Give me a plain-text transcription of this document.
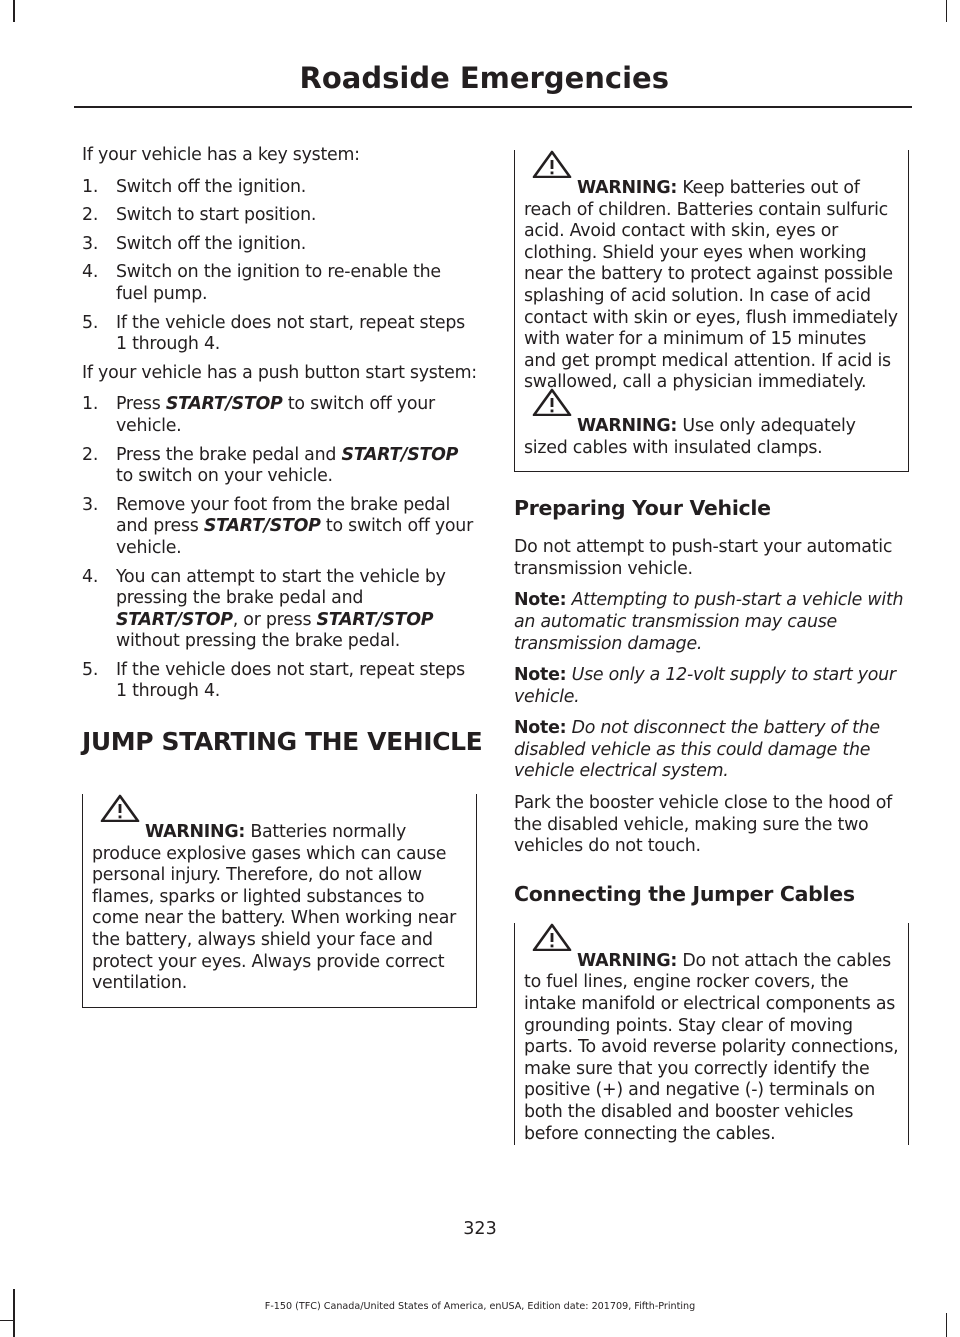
Roadside Emergencies

If your vehicle has a key system:

1.	Switch off the ignition.
2.	Switch to start position.
3.	Switch off the ignition.
4.	Switch on the ignition to re-enable the fuel pump.
5.	If the vehicle does not start, repeat steps 1 through 4.

If your vehicle has a push button start system:

1.	Press START/STOP to switch off your vehicle.
2.	Press the brake pedal and START/STOP to switch on your vehicle.
3.	Remove your foot from the brake pedal and press START/STOP to switch off your vehicle.
4.	You can attempt to start the vehicle by pressing the brake pedal and START/STOP, or press START/STOP without pressing the brake pedal.
5.	If the vehicle does not start, repeat steps 1 through 4.
JUMP STARTING THE VEHICLE

WARNING: Batteries normally produce explosive gases which can cause personal injury. Therefore, do not allow flames, sparks or lighted substances to come near the battery. When working near the battery, always shield your face and protect your eyes. Always provide correct ventilation.

WARNING: Keep batteries out of reach of children. Batteries contain sulfuric acid. Avoid contact with skin, eyes or clothing. Shield your eyes when working near the battery to protect against possible splashing of acid solution. In case of acid contact with skin or eyes, flush immediately with water for a minimum of 15 minutes and get prompt medical attention. If acid is swallowed, call a physician immediately.

WARNING: Use only adequately sized cables with insulated clamps.

Preparing Your Vehicle

Do not attempt to push-start your automatic transmission vehicle.

Note: Attempting to push-start a vehicle with an automatic transmission may cause transmission damage.

Note: Use only a 12-volt supply to start your vehicle.

Note: Do not disconnect the battery of the disabled vehicle as this could damage the vehicle electrical system.

Park the booster vehicle close to the hood of the disabled vehicle, making sure the two vehicles do not touch.

Connecting the Jumper Cables

WARNING: Do not attach the cables to fuel lines, engine rocker covers, the intake manifold or electrical components as grounding points. Stay clear of moving parts. To avoid reverse polarity connections, make sure that you correctly identify the positive (+) and negative (-) terminals on both the disabled and booster vehicles before connecting the cables.

323
F-150 (TFC) Canada/United States of America, enUSA, Edition date: 201709, Fifth-Printing
